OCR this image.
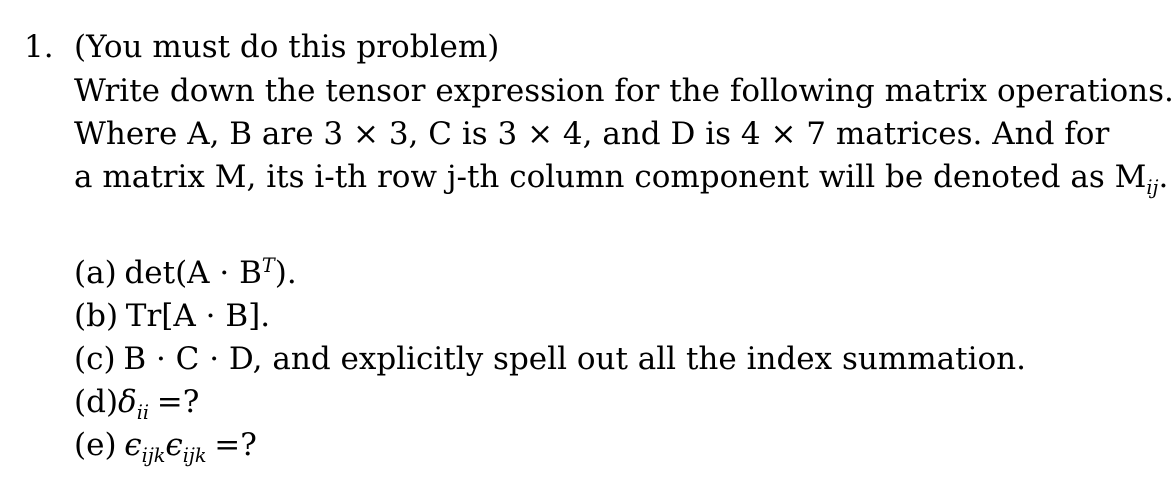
1. (You must do this problem)
Write down the tensor expression for the following matrix operations.
Where A, B are 3 × 3, C is 3 × 4, and D is 4 × 7 matrices. And for
a matrix M, its i-th row j-th column component will be denoted as $M_{ij}$.
(a) $\det(A \cdot B^T)$.
(b) Tr[A · B].
(c) B · C · D, and explicitly spell out all the index summation.
$(d)\delta_{ii}$ =?
(e) $\epsilon_{ijk}\epsilon_{ijk}$ =?
